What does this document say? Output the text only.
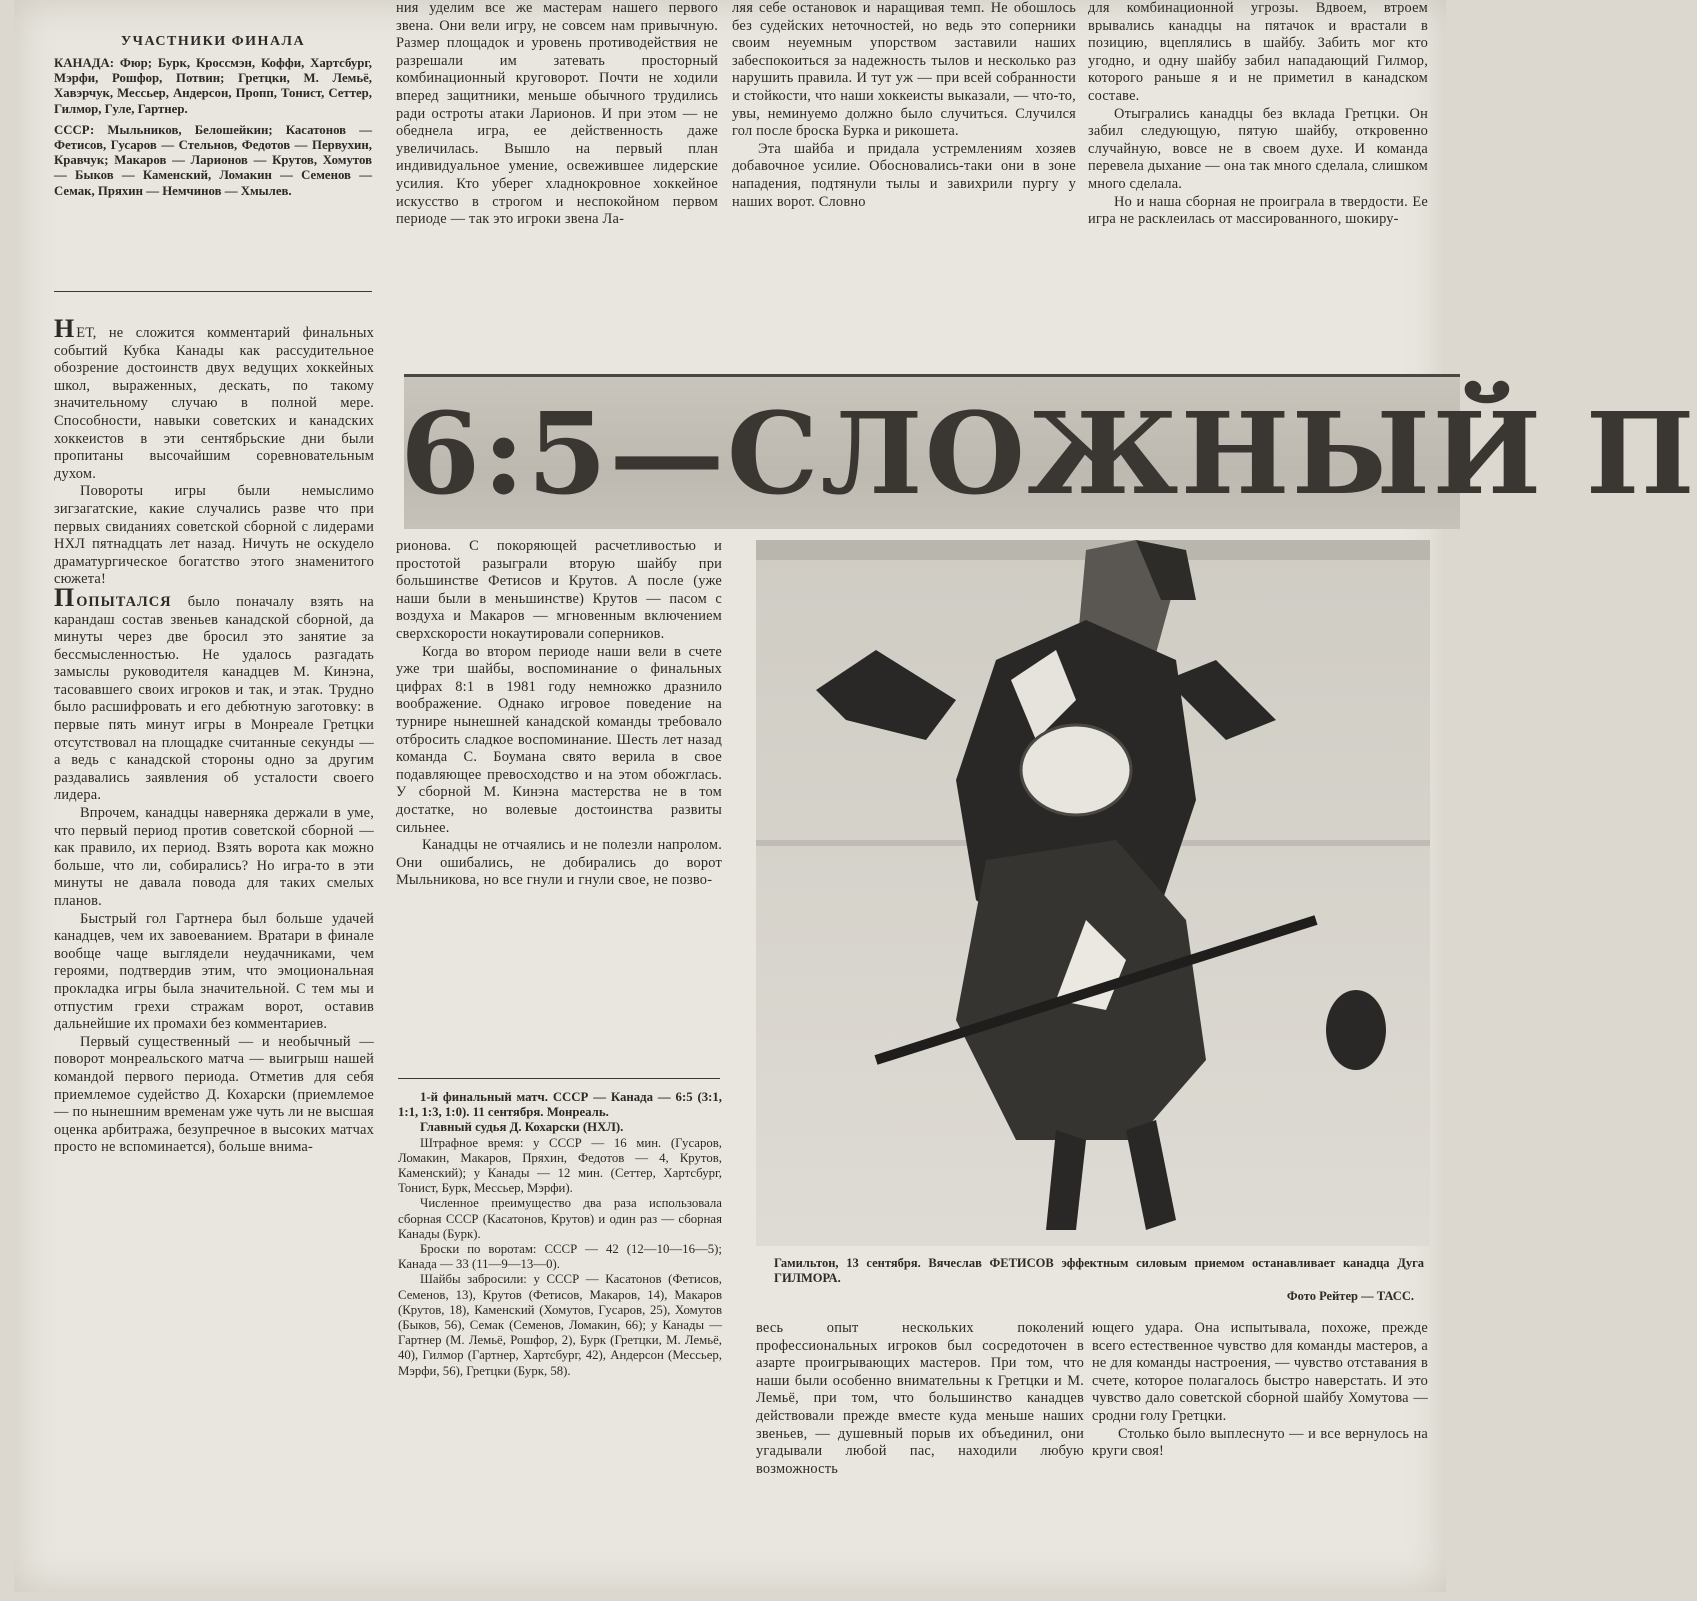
УЧАСТНИКИ ФИНАЛА

КАНАДА: Фюр; Бурк, Кроссмэн, Коффи, Хартсбург, Мэрфи, Рошфор, Потвин; Гретцки, М. Лемьё, Хавэрчук, Мессьер, Андерсон, Пропп, Тонист, Сеттер, Гилмор, Гуле, Гартнер.

СССР: Мыльников, Белошейкин; Касатонов — Фетисов, Гусаров — Стельнов, Федотов — Первухин, Кравчук; Макаров — Ларионов — Крутов, Хомутов — Быков — Каменский, Ломакин — Семенов — Семак, Пряхин — Немчинов — Хмылев.

НЕТ, не сложится комментарий финальных событий Кубка Канады как рассудительное обозрение достоинств двух ведущих хоккейных школ, выраженных, дескать, по такому значительному случаю в полной мере. Способности, навыки советских и канадских хоккеистов в эти сентябрьские дни были пропитаны высочайшим соревновательным духом.

Повороты игры были немыслимо зигзагатские, какие случались разве что при первых свиданиях советской сборной с лидерами НХЛ пятнадцать лет назад. Ничуть не оскудело драматургическое богатство этого знаменитого сюжета!

ПОПЫТАЛСЯ было поначалу взять на карандаш состав звеньев канадской сборной, да минуты через две бросил это занятие за бессмысленностью. Не удалось разгадать замыслы руководителя канадцев М. Кинэна, тасовавшего своих игроков и так, и этак. Трудно было расшифровать и его дебютную заготовку: в первые пять минут игры в Монреале Гретцки отсутствовал на площадке считанные секунды — а ведь с канадской стороны одно за другим раздавались заявления об усталости своего лидера.

Впрочем, канадцы наверняка держали в уме, что первый период против советской сборной — как правило, их период. Взять ворота как можно больше, что ли, собирались? Но игра-то в эти минуты не давала повода для таких смелых планов.

Быстрый гол Гартнера был больше удачей канадцев, чем их завоеванием. Вратари в финале вообще чаще выглядели неудачниками, чем героями, подтвердив этим, что эмоциональная прокладка игры была значительной. С тем мы и отпустим грехи стражам ворот, оставив дальнейшие их промахи без комментариев.

Первый существенный — и необычный — поворот монреальского матча — выигрыш нашей командой первого периода. Отметив для себя приемлемое судейство Д. Кохарски (приемлемое — по нынешним временам уже чуть ли не высшая оценка арбитража, безупречное в высоких матчах просто не вспоминается), больше внима-

ния уделим все же мастерам нашего первого звена. Они вели игру, не совсем нам привычную. Размер площадок и уровень противодействия не разрешали им затевать просторный комбинационный круговорот. Почти не ходили вперед защитники, меньше обычного трудились ради остроты атаки Ларионов. И при этом — не обеднела игра, ее действенность даже увеличилась. Вышло на первый план индивидуальное умение, освежившее лидерские усилия. Кто уберег хладнокровное хоккейное искусство в строгом и неспокойном первом периоде — так это игроки звена Ла-

ляя себе остановок и наращивая темп. Не обошлось без судейских неточностей, но ведь это соперники своим неуемным упорством заставили наших забеспокоиться за надежность тылов и несколько раз нарушить правила. И тут уж — при всей собранности и стойкости, что наши хоккеисты выказали, — что-то, увы, неминуемо должно было случиться. Случился гол после броска Бурка и рикошета.

Эта шайба и придала устремлениям хозяев добавочное усилие. Обосновались-таки они в зоне нападения, подтянули тылы и завихрили пургу у наших ворот. Словно

для комбинационной угрозы. Вдвоем, втроем врывались канадцы на пятачок и врастали в позицию, вцеплялись в шайбу. Забить мог кто угодно, и одну шайбу забил нападающий Гилмор, которого раньше я и не приметил в канадском составе.

Отыгрались канадцы без вклада Гретцки. Он забил следующую, пятую шайбу, откровенно случайную, вовсе не в своем духе. И команда перевела дыхание — она так много сделала, слишком много сделала.

Но и наша сборная не проиграла в твердости. Ее игра не расклеилась от массированного, шокиру-

6:5—СЛОЖНЫЙ П

рионова. С покоряющей расчетливостью и простотой разыграли вторую шайбу при большинстве Фетисов и Крутов. А после (уже наши были в меньшинстве) Крутов — пасом с воздуха и Макаров — мгновенным включением сверхскорости нокаутировали соперников.

Когда во втором периоде наши вели в счете уже три шайбы, воспоминание о финальных цифрах 8:1 в 1981 году немножко дразнило воображение. Однако игровое поведение на турнире нынешней канадской команды требовало отбросить сладкое воспоминание. Шесть лет назад команда С. Боумана свято верила в свое подавляющее превосходство и на этом обожглась. У сборной М. Кинэна мастерства не в том достатке, но волевые достоинства развиты сильнее.

Канадцы не отчаялись и не полезли напролом. Они ошибались, не добирались до ворот Мыльникова, но все гнули и гнули свое, не позво-

1-й финальный матч. СССР — Канада — 6:5 (3:1, 1:1, 1:3, 1:0). 11 сентября. Монреаль.

Главный судья Д. Кохарски (НХЛ).

Штрафное время: у СССР — 16 мин. (Гусаров, Ломакин, Макаров, Пряхин, Федотов — 4, Крутов, Каменский); у Канады — 12 мин. (Сеттер, Хартсбург, Тонист, Бурк, Мессьер, Мэрфи).

Численное преимущество два раза использовала сборная СССР (Касатонов, Крутов) и один раз — сборная Канады (Бурк).

Броски по воротам: СССР — 42 (12—10—16—5); Канада — 33 (11—9—13—0).

Шайбы забросили: у СССР — Касатонов (Фетисов, Семенов, 13), Крутов (Фетисов, Макаров, 14), Макаров (Крутов, 18), Каменский (Хомутов, Гусаров, 25), Хомутов (Быков, 56), Семак (Семенов, Ломакин, 66); у Канады — Гартнер (М. Лемьё, Рошфор, 2), Бурк (Гретцки, М. Лемьё, 40), Гилмор (Гартнер, Хартсбург, 42), Андерсон (Мессьер, Мэрфи, 56), Гретцки (Бурк, 58).

Гамильтон, 13 сентября. Вячеслав ФЕТИСОВ эффектным силовым приемом останавливает канадца Дуга ГИЛМОРА.
Фото Рейтер — ТАСС.

весь опыт нескольких поколений профессиональных игроков был сосредоточен в азарте проигрывающих мастеров. При том, что наши были особенно внимательны к Гретцки и М. Лемьё, при том, что большинство канадцев действовали прежде вместе куда меньше наших звеньев, — душевный порыв их объединил, они угадывали любой пас, находили любую возможность

ющего удара. Она испытывала, похоже, прежде всего естественное чувство для команды мастеров, а не для команды настроения, — чувство отставания в счете, которое полагалось быстро наверстать. И это чувство дало советской сборной шайбу Хомутова — сродни голу Гретцки.

Столько было выплеснуто — и все вернулось на круги своя!
